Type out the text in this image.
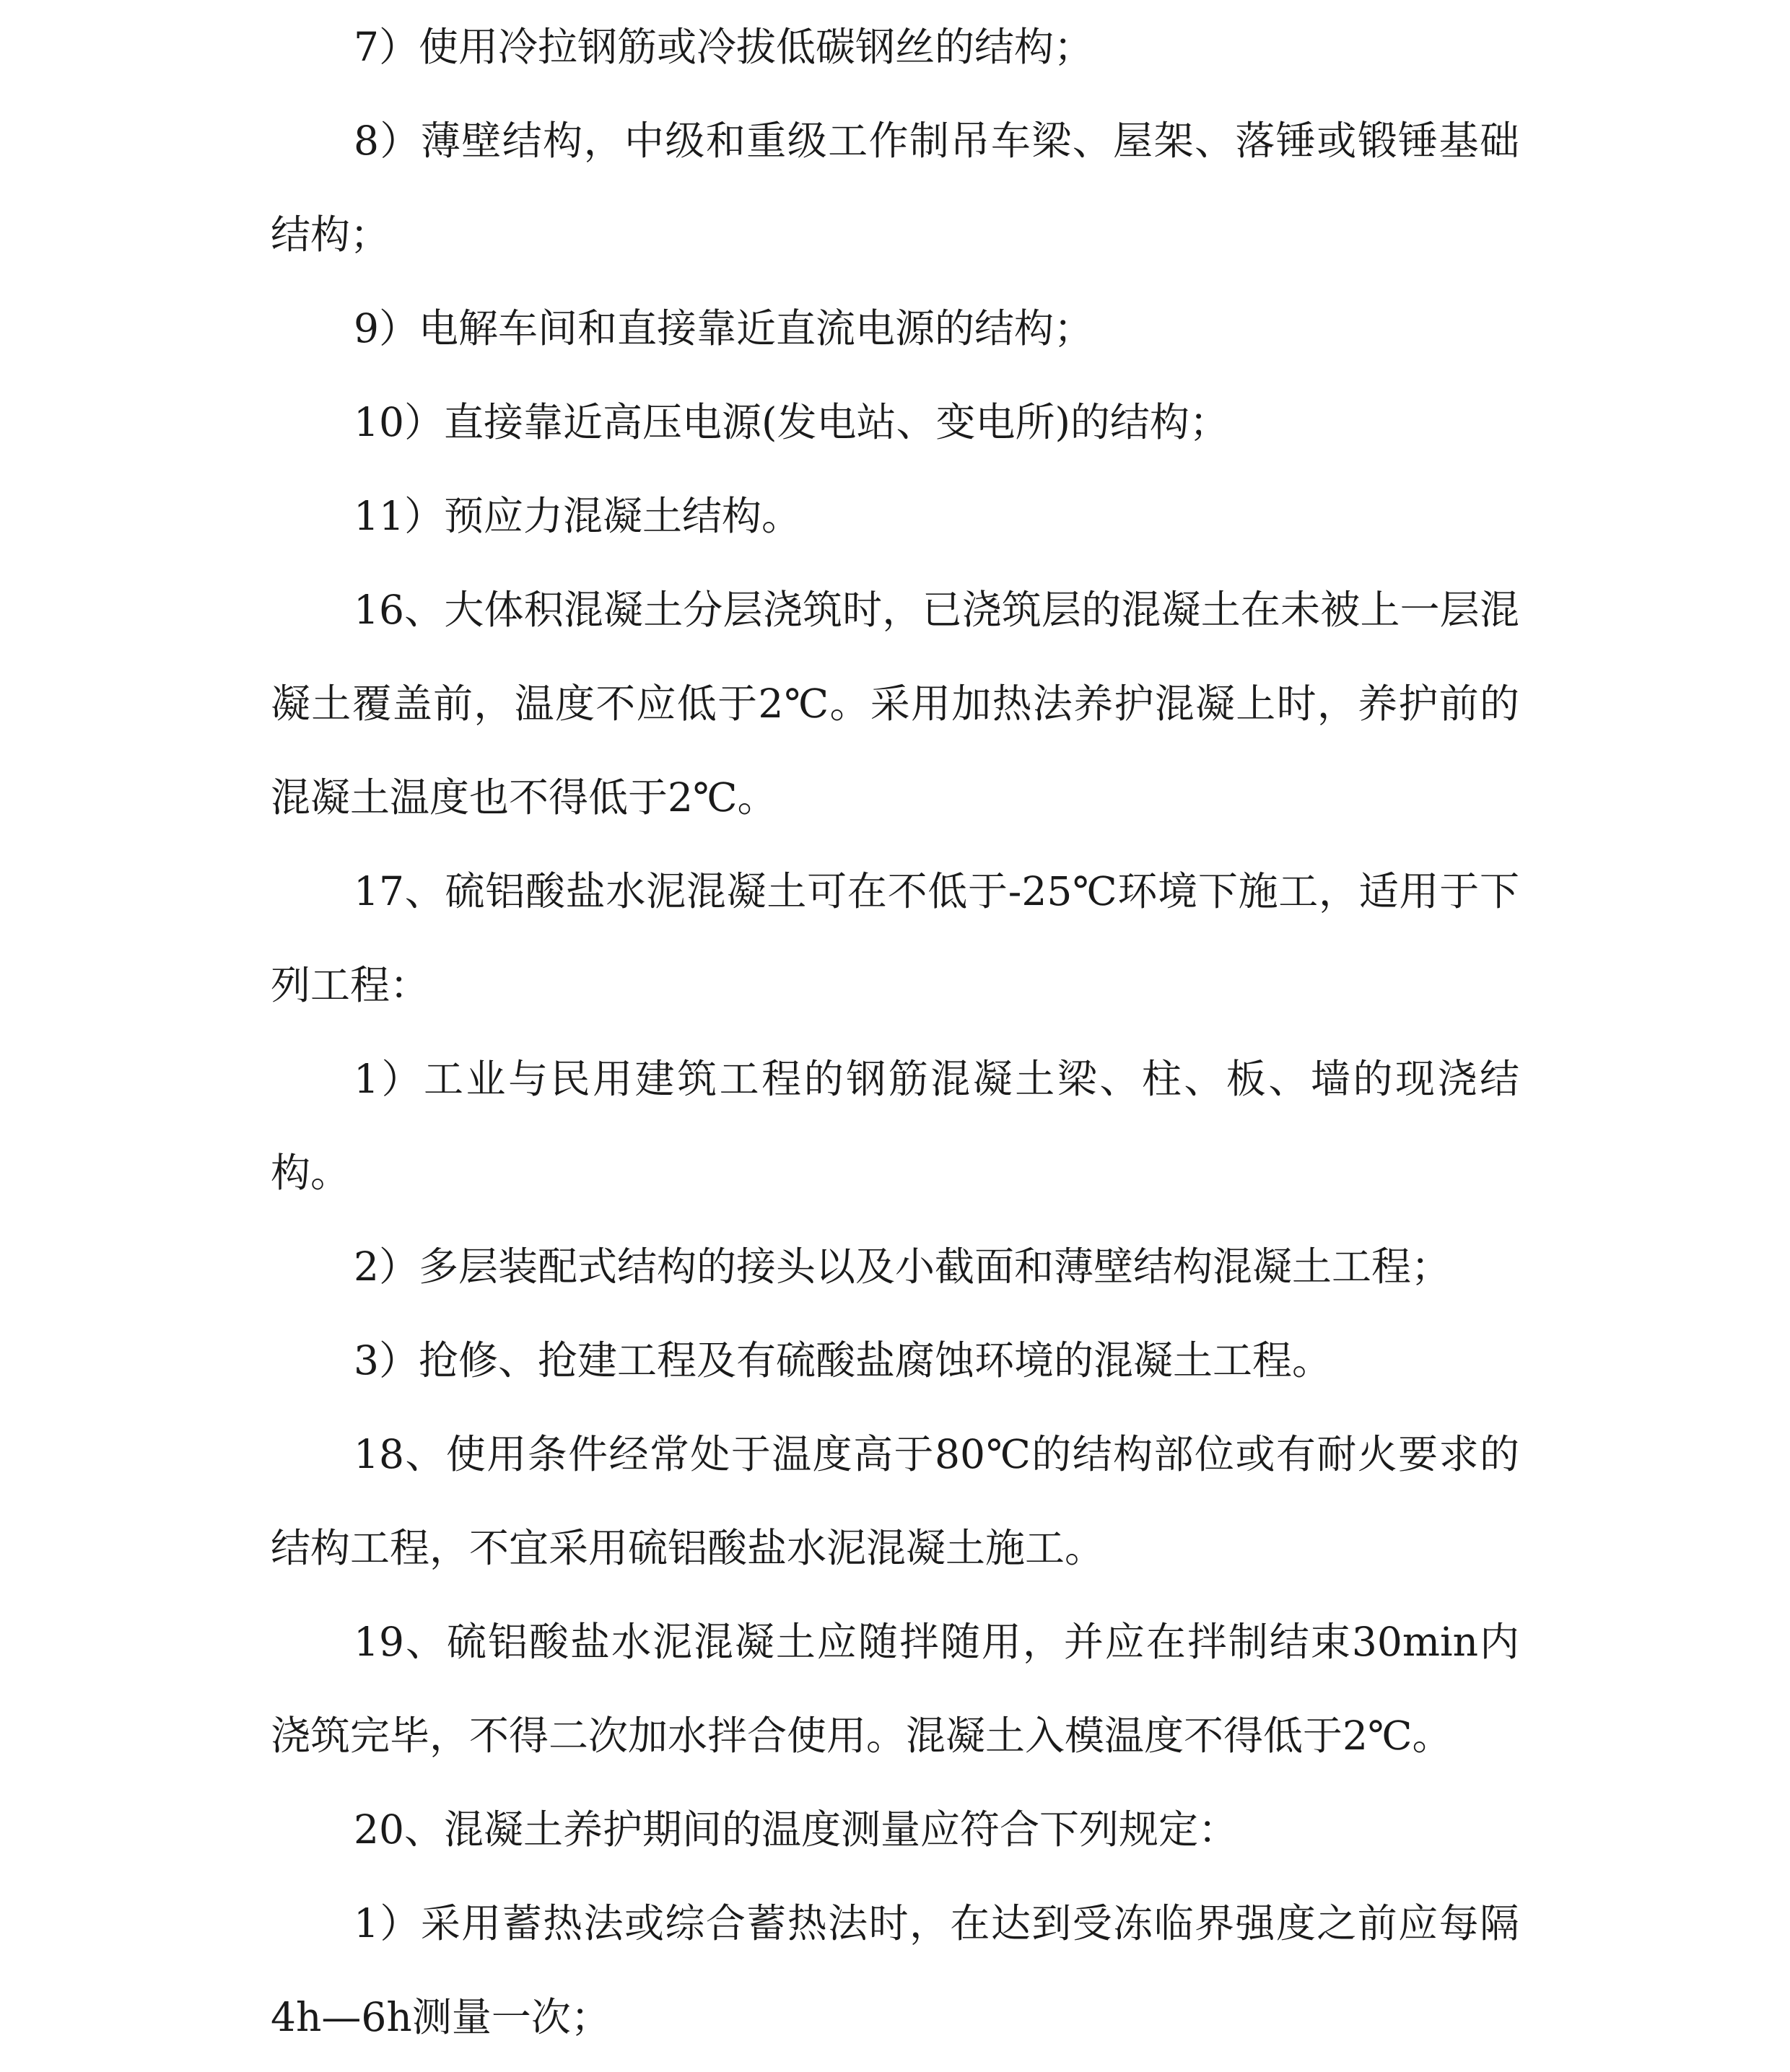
7）使用冷拉钢筋或冷拔低碳钢丝的结构；

8）薄壁结构，中级和重级工作制吊车梁、屋架、落锤或锻锤基础结构；

9）电解车间和直接靠近直流电源的结构；

10）直接靠近高压电源(发电站、变电所)的结构；

11）预应力混凝土结构。

16、大体积混凝土分层浇筑时，已浇筑层的混凝土在未被上一层混凝土覆盖前，温度不应低于2℃。采用加热法养护混凝上时，养护前的混凝土温度也不得低于2℃。

17、硫铝酸盐水泥混凝土可在不低于-25℃环境下施工，适用于下列工程：

1）工业与民用建筑工程的钢筋混凝土梁、柱、板、墙的现浇结构。

2）多层装配式结构的接头以及小截面和薄壁结构混凝土工程；

3）抢修、抢建工程及有硫酸盐腐蚀环境的混凝土工程。

18、使用条件经常处于温度高于80℃的结构部位或有耐火要求的结构工程，不宜采用硫铝酸盐水泥混凝土施工。

19、硫铝酸盐水泥混凝土应随拌随用，并应在拌制结束30min内浇筑完毕，不得二次加水拌合使用。混凝土入模温度不得低于2℃。

20、混凝土养护期间的温度测量应符合下列规定：

1）采用蓄热法或综合蓄热法时，在达到受冻临界强度之前应每隔4h—6h测量一次；
